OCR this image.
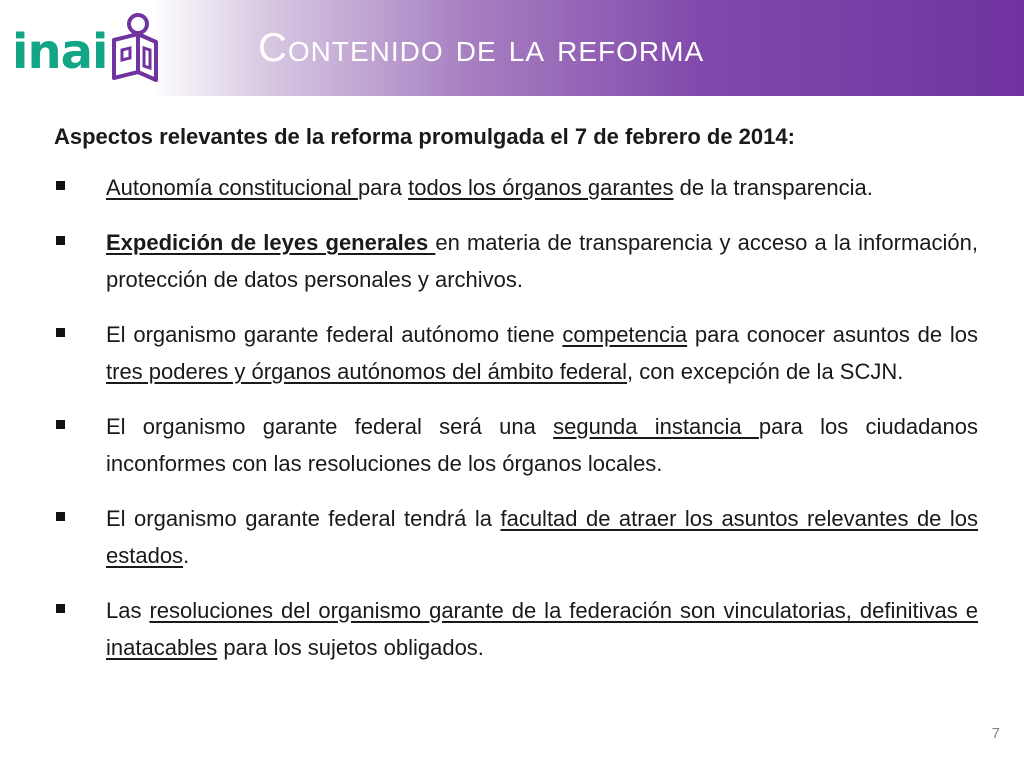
inai	Contenido de la reforma

Aspectos relevantes de la reforma promulgada el 7 de febrero de 2014:

Autonomía constitucional para todos los órganos garantes de la transparencia.

Expedición de leyes generales en materia de transparencia y acceso a la información, protección de datos personales y archivos.

El organismo garante federal autónomo tiene competencia para conocer asuntos de los tres poderes y órganos autónomos del ámbito federal, con excepción de la SCJN.

El organismo garante federal será una segunda instancia para los ciudadanos inconformes con las resoluciones de los órganos locales.

El organismo garante federal tendrá la facultad de atraer los asuntos relevantes de los estados.

Las resoluciones del organismo garante de la federación son vinculatorias, definitivas e inatacables para los sujetos obligados.

7
